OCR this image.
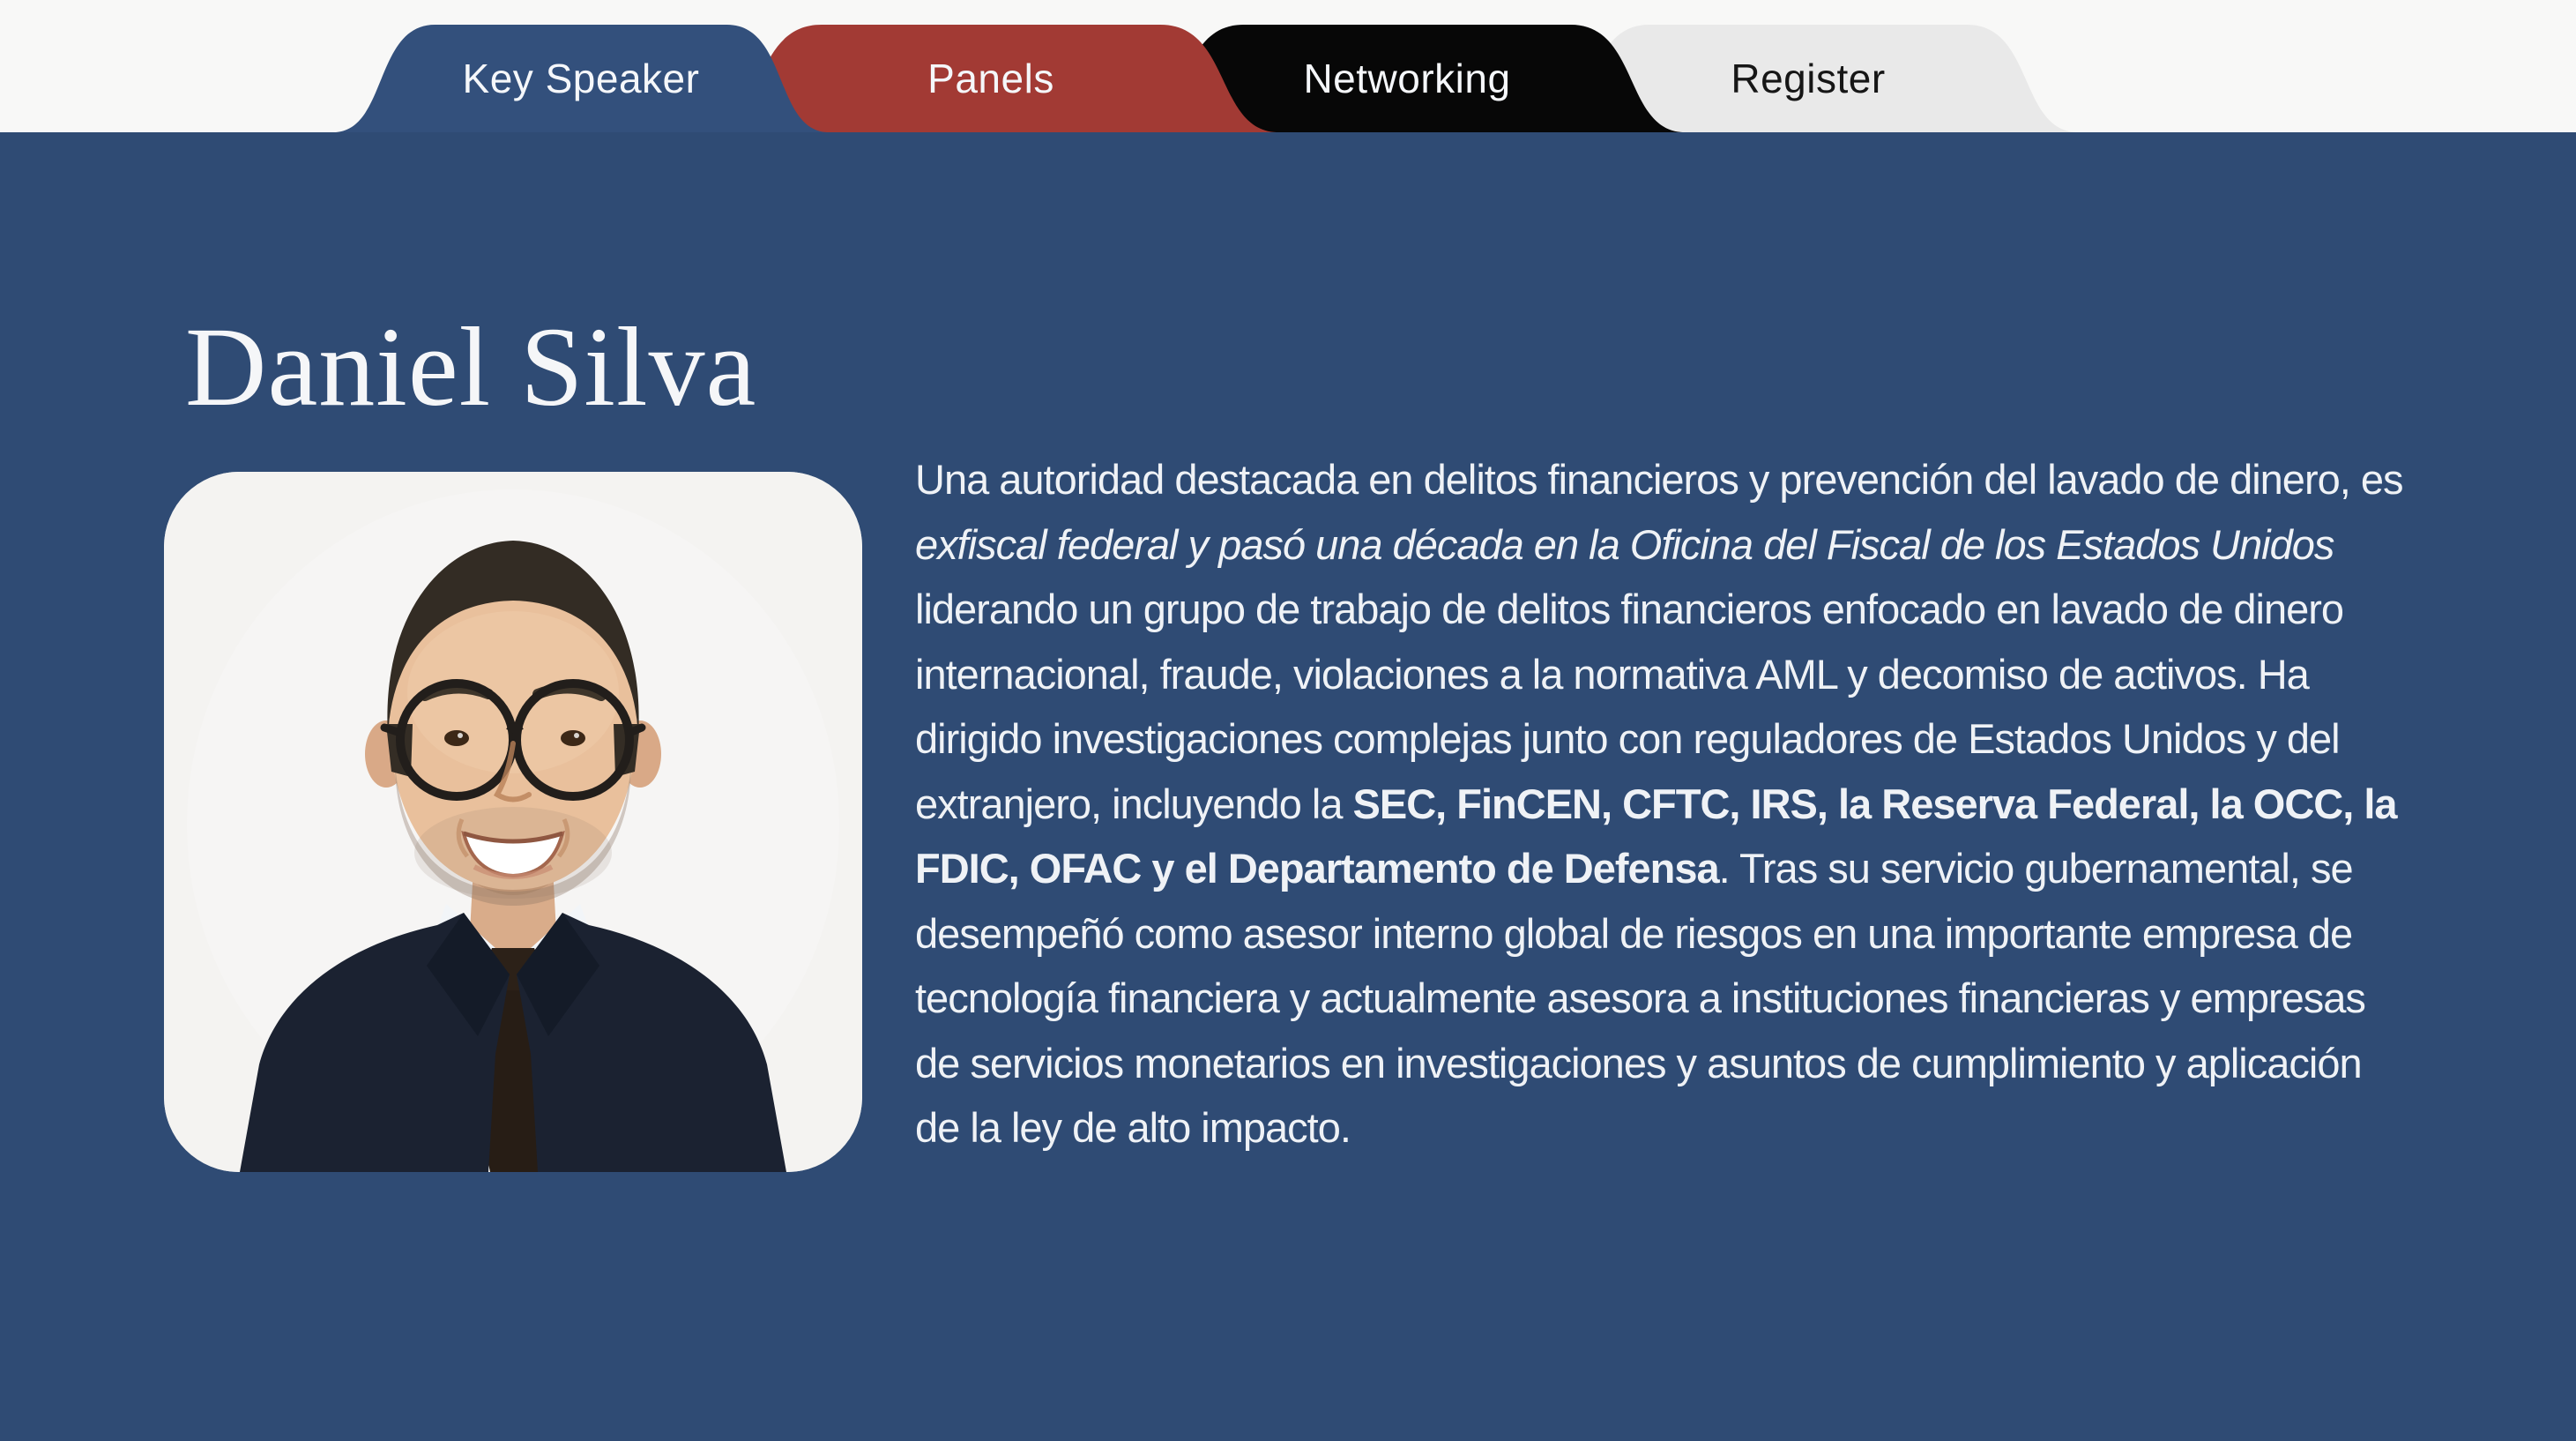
Key Speaker	Panels	Networking	Register
Daniel Silva

Una autoridad destacada en delitos financieros y prevención del lavado de dinero, es exfiscal federal y pasó una década en la Oficina del Fiscal de los Estados Unidos liderando un grupo de trabajo de delitos financieros enfocado en lavado de dinero internacional, fraude, violaciones a la normativa AML y decomiso de activos. Ha dirigido investigaciones complejas junto con reguladores de Estados Unidos y del extranjero, incluyendo la SEC, FinCEN, CFTC, IRS, la Reserva Federal, la OCC, la FDIC, OFAC y el Departamento de Defensa. Tras su servicio gubernamental, se desempeñó como asesor interno global de riesgos en una importante empresa de tecnología financiera y actualmente asesora a instituciones financieras y empresas de servicios monetarios en investigaciones y asuntos de cumplimiento y aplicación de la ley de alto impacto.
